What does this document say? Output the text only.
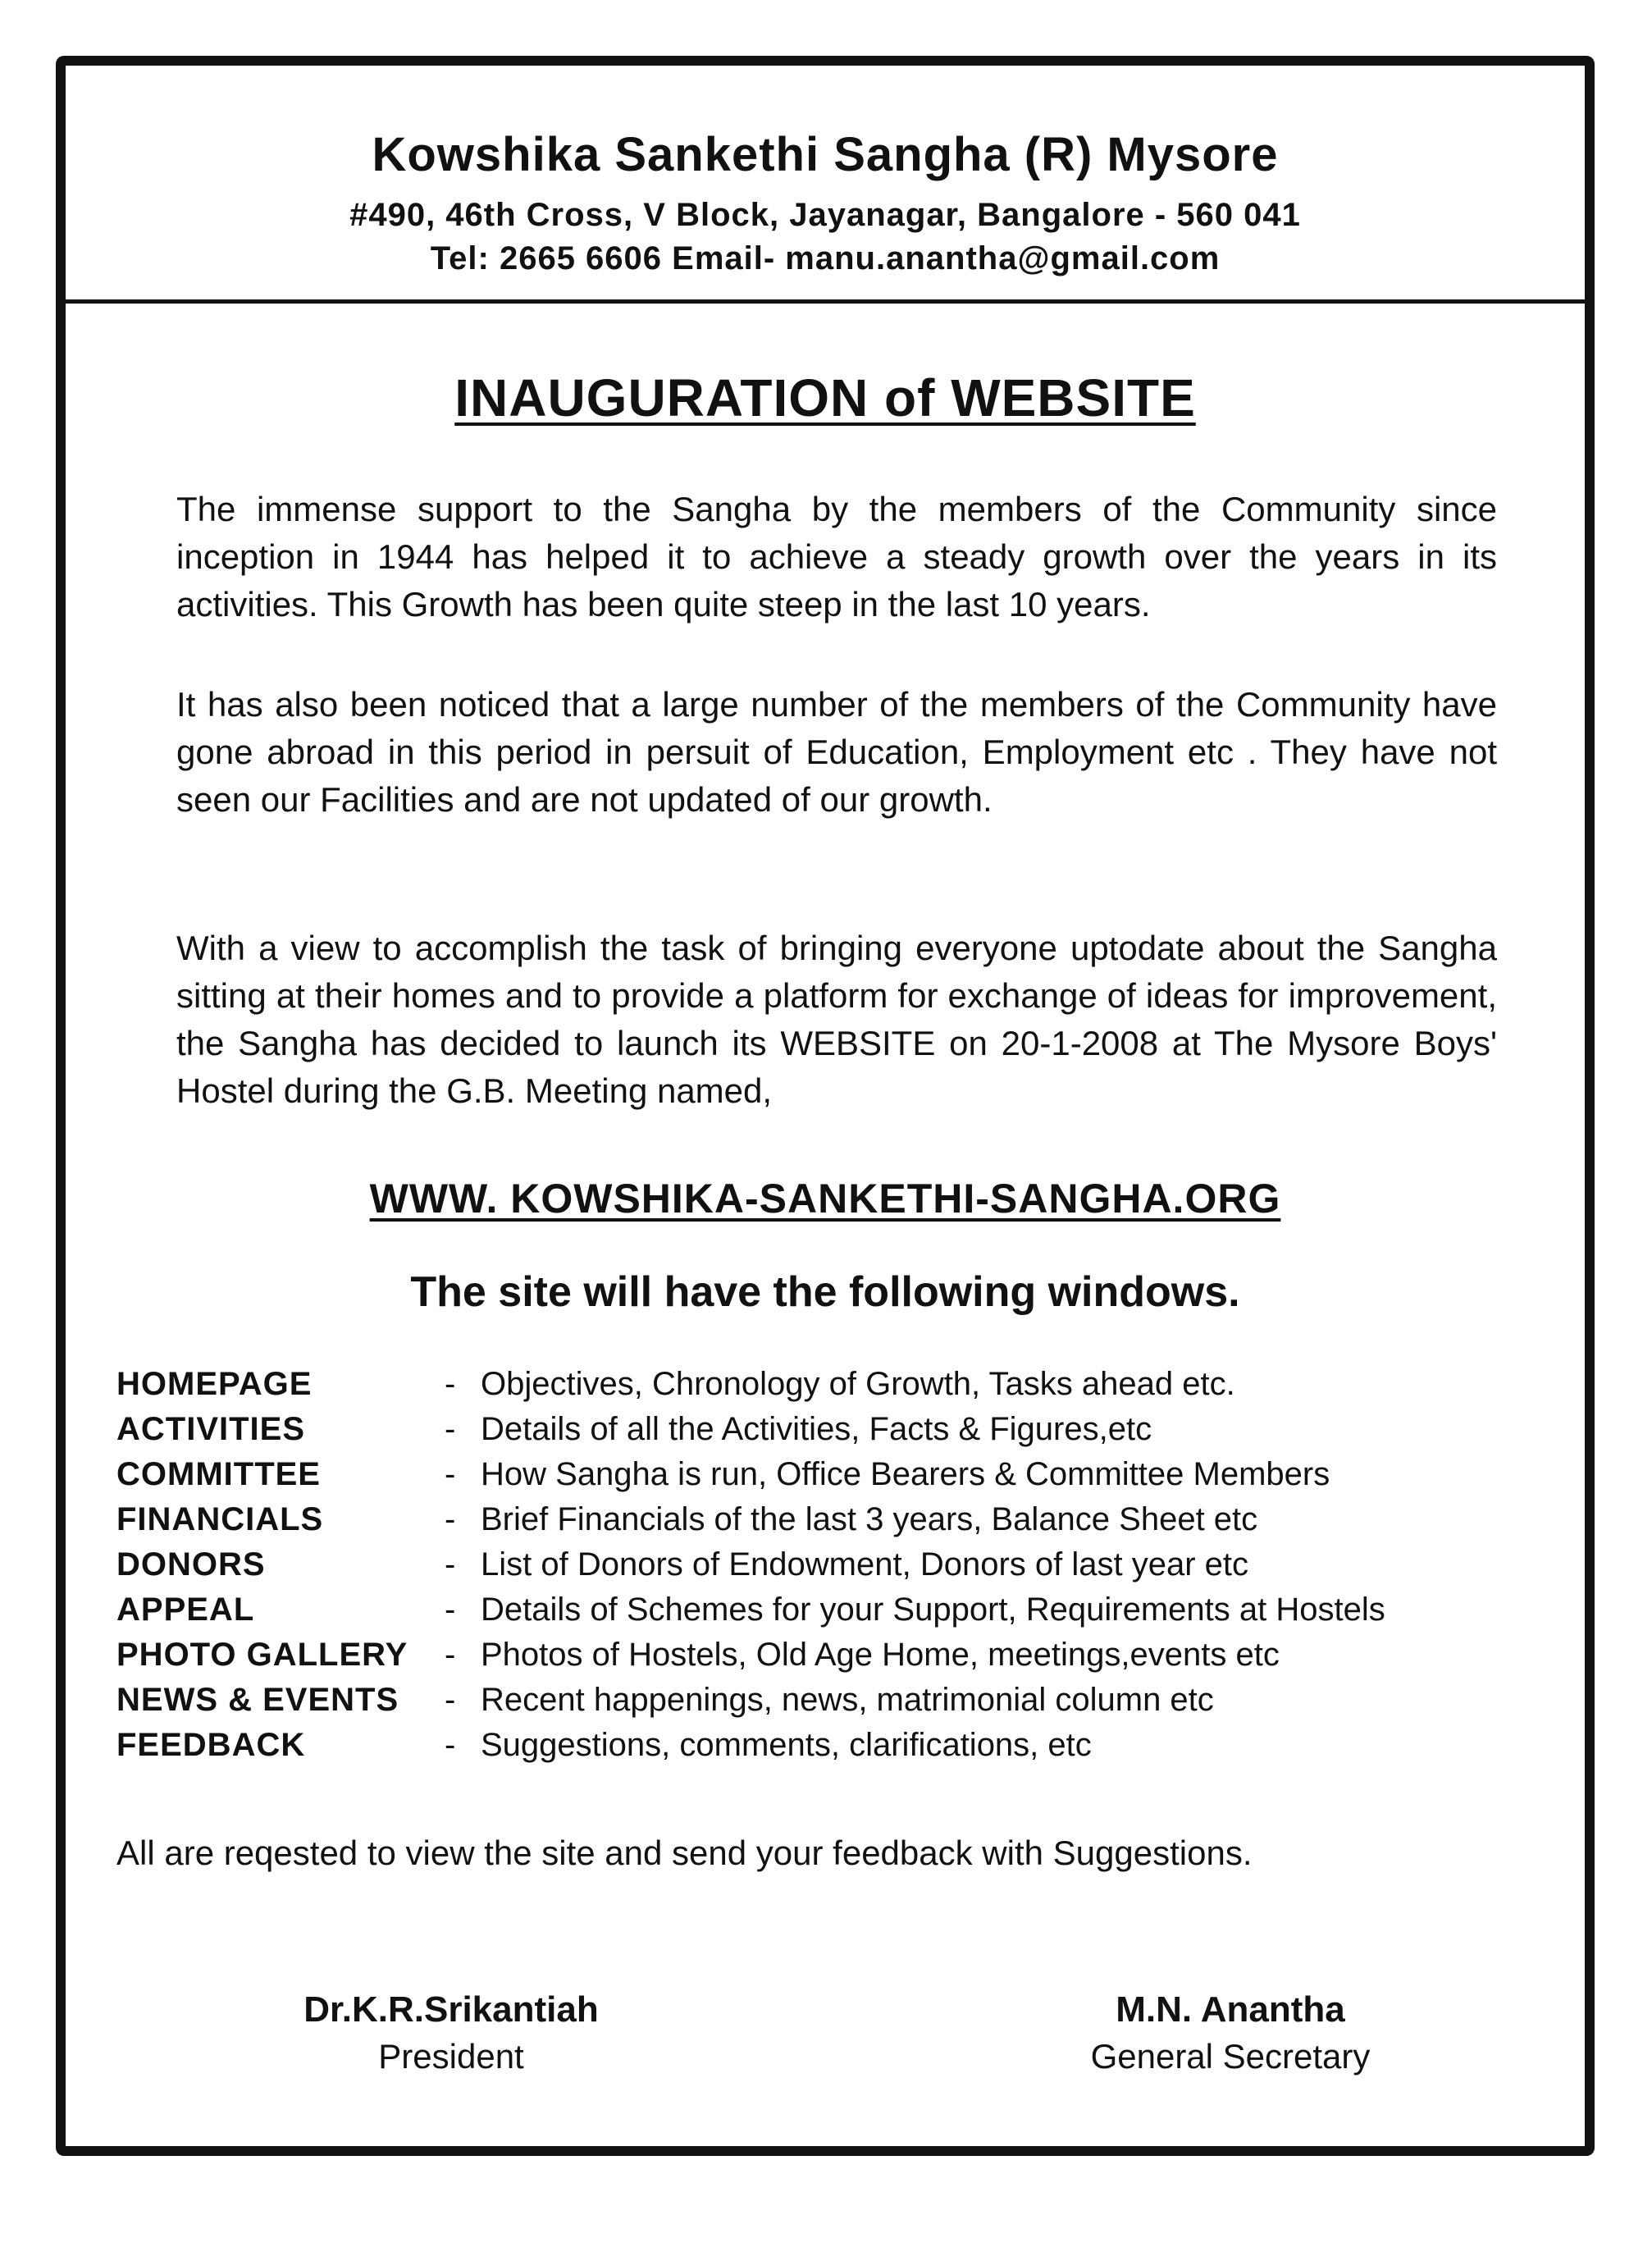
Kowshika Sankethi Sangha (R) Mysore
#490, 46th Cross, V Block, Jayanagar, Bangalore - 560 041
Tel: 2665 6606 Email- manu.anantha@gmail.com
INAUGURATION of WEBSITE
The immense support to the Sangha by the members of the Community since inception in 1944 has helped it to achieve a steady growth over the years in its activities. This Growth has been quite steep in the last 10 years.
It has also been noticed that a large number of the members of the Community have gone abroad in this period in persuit of Education, Employment etc . They have not seen our Facilities and are not updated of our growth.
With a view to accomplish the task of bringing everyone uptodate about the Sangha sitting at their homes and to provide a platform for exchange of ideas for improvement, the Sangha has decided to launch its WEBSITE on 20-1-2008 at The Mysore Boys' Hostel during the G.B. Meeting named,
WWW. KOWSHIKA-SANKETHI-SANGHA.ORG
The site will have the following windows.
HOMEPAGE	- Objectives, Chronology of Growth, Tasks ahead etc.
ACTIVITIES	- Details of all the Activities, Facts & Figures,etc
COMMITTEE	- How Sangha is run, Office Bearers & Committee Members
FINANCIALS	- Brief Financials of the last 3 years, Balance Sheet etc
DONORS	- List of Donors of Endowment, Donors of last year etc
APPEAL	- Details of Schemes for your Support, Requirements at Hostels
PHOTO GALLERY	- Photos of Hostels, Old Age Home, meetings,events etc
NEWS & EVENTS	- Recent happenings, news, matrimonial column etc
FEEDBACK	- Suggestions, comments, clarifications, etc
All are reqested to view the site and send your feedback with Suggestions.
Dr.K.R.Srikantiah
President
M.N. Anantha
General Secretary
